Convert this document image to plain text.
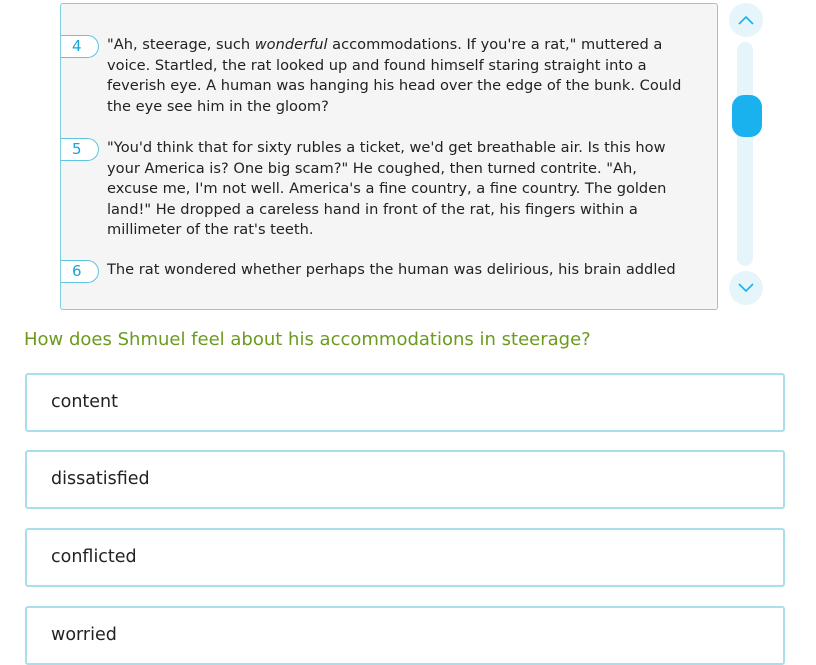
4	"Ah, steerage, such wonderful accommodations. If you're a rat," muttered a voice. Startled, the rat looked up and found himself staring straight into a feverish eye. A human was hanging his head over the edge of the bunk. Could the eye see him in the gloom?

5	"You'd think that for sixty rubles a ticket, we'd get breathable air. Is this how your America is? One big scam?" He coughed, then turned contrite. "Ah, excuse me, I'm not well. America's a fine country, a fine country. The golden land!" He dropped a careless hand in front of the rat, his fingers within a millimeter of the rat's teeth.

6	The rat wondered whether perhaps the human was delirious, his brain addled

How does Shmuel feel about his accommodations in steerage?
content
dissatisfied
conflicted
worried
